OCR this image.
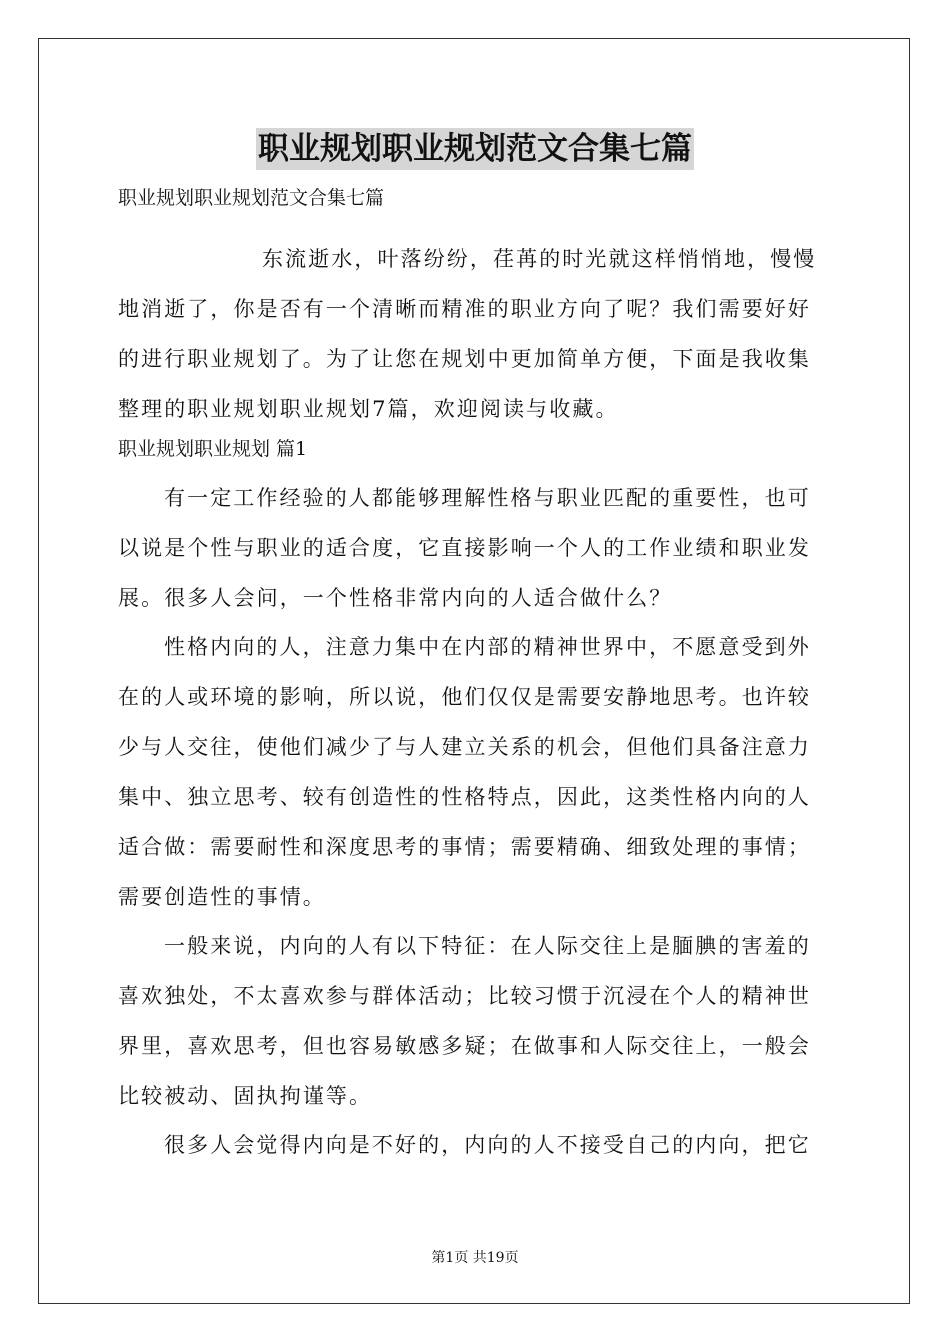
职业规划职业规划范文合集七篇
职业规划职业规划范文合集七篇
东流逝水，叶落纷纷，荏苒的时光就这样悄悄地，慢慢
地消逝了，你是否有一个清晰而精准的职业方向了呢？我们需要好好
的进行职业规划了。为了让您在规划中更加简单方便，下面是我收集
整理的职业规划职业规划7篇，欢迎阅读与收藏。
职业规划职业规划 篇1
有一定工作经验的人都能够理解性格与职业匹配的重要性，也可
以说是个性与职业的适合度，它直接影响一个人的工作业绩和职业发
展。很多人会问，一个性格非常内向的人适合做什么？
性格内向的人，注意力集中在内部的精神世界中，不愿意受到外
在的人或环境的影响，所以说，他们仅仅是需要安静地思考。也许较
少与人交往，使他们减少了与人建立关系的机会，但他们具备注意力
集中、独立思考、较有创造性的性格特点，因此，这类性格内向的人
适合做：需要耐性和深度思考的事情；需要精确、细致处理的事情；
需要创造性的事情。
一般来说，内向的人有以下特征：在人际交往上是腼腆的害羞的
喜欢独处，不太喜欢参与群体活动；比较习惯于沉浸在个人的精神世
界里，喜欢思考，但也容易敏感多疑；在做事和人际交往上，一般会
比较被动、固执拘谨等。
很多人会觉得内向是不好的，内向的人不接受自己的内向，把它
第1页 共19页
